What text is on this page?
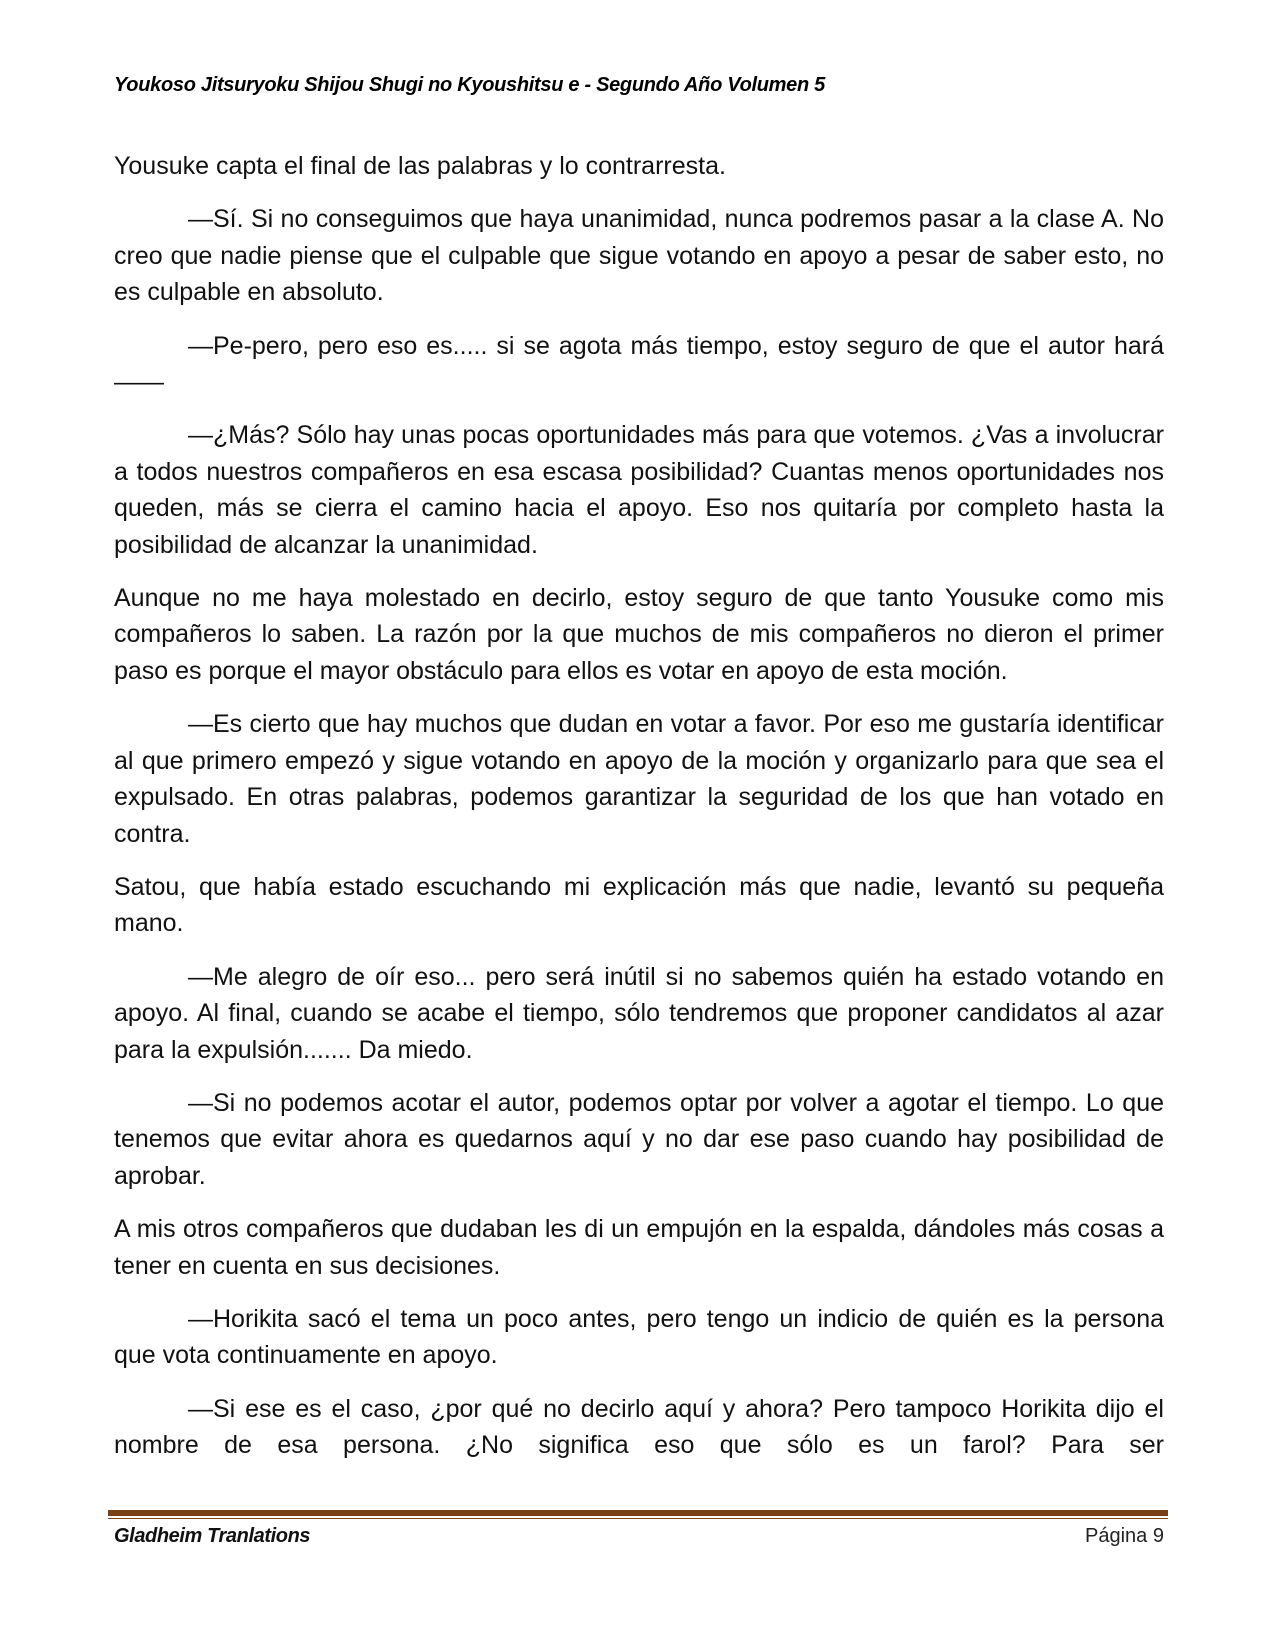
Youkoso Jitsuryoku Shijou Shugi no Kyoushitsu e - Segundo Año Volumen 5

Yousuke capta el final de las palabras y lo contrarresta.

—Sí. Si no conseguimos que haya unanimidad, nunca podremos pasar a la clase A. No creo que nadie piense que el culpable que sigue votando en apoyo a pesar de saber esto, no es culpable en absoluto.

—Pe-pero, pero eso es..... si se agota más tiempo, estoy seguro de que el autor hará——

—¿Más? Sólo hay unas pocas oportunidades más para que votemos. ¿Vas a involucrar a todos nuestros compañeros en esa escasa posibilidad? Cuantas menos oportunidades nos queden, más se cierra el camino hacia el apoyo. Eso nos quitaría por completo hasta la posibilidad de alcanzar la unanimidad.

Aunque no me haya molestado en decirlo, estoy seguro de que tanto Yousuke como mis compañeros lo saben. La razón por la que muchos de mis compañeros no dieron el primer paso es porque el mayor obstáculo para ellos es votar en apoyo de esta moción.

—Es cierto que hay muchos que dudan en votar a favor. Por eso me gustaría identificar al que primero empezó y sigue votando en apoyo de la moción y organizarlo para que sea el expulsado. En otras palabras, podemos garantizar la seguridad de los que han votado en contra.

Satou, que había estado escuchando mi explicación más que nadie, levantó su pequeña mano.

—Me alegro de oír eso... pero será inútil si no sabemos quién ha estado votando en apoyo. Al final, cuando se acabe el tiempo, sólo tendremos que proponer candidatos al azar para la expulsión....... Da miedo.

—Si no podemos acotar el autor, podemos optar por volver a agotar el tiempo. Lo que tenemos que evitar ahora es quedarnos aquí y no dar ese paso cuando hay posibilidad de aprobar.

A mis otros compañeros que dudaban les di un empujón en la espalda, dándoles más cosas a tener en cuenta en sus decisiones.

—Horikita sacó el tema un poco antes, pero tengo un indicio de quién es la persona que vota continuamente en apoyo.

—Si ese es el caso, ¿por qué no decirlo aquí y ahora? Pero tampoco Horikita dijo el nombre de esa persona. ¿No significa eso que sólo es un farol? Para ser

Gladheim Tranlations	Página 9
